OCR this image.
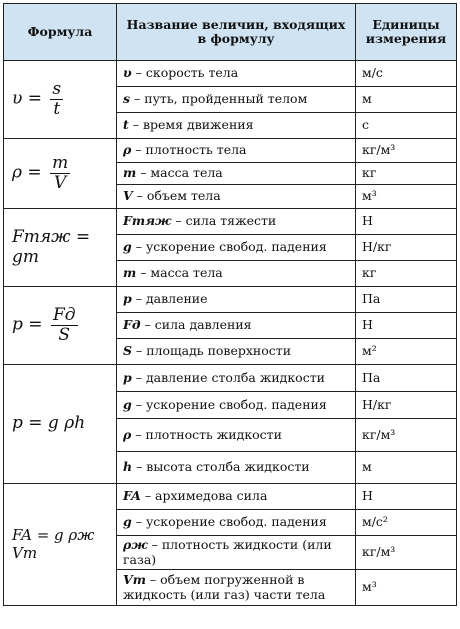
Формула	Название величин, входящих в формулу	Единицы измерения
$\upsilon = \frac{s}{t}$	υ – скорость тела	м/с
	s – путь, пройденный телом	м
	t – время движения	с
$\rho = \frac{m}{V}$	ρ – плотность тела	кг/м³
	m – масса тела	кг
	V – объем тела	м³
Fтяж = gm	Fтяж – сила тяжести	Н
	g – ускорение свобод. падения	Н/кг
	m – масса тела	кг
$p = \frac{Fд}{S}$	p – давление	Па
	Fд – сила давления	Н
	S – площадь поверхности	м²
p = g ρh	p – давление столба жидкости	Па
	g – ускорение свобод. падения	Н/кг
	ρ – плотность жидкости	кг/м³
	h – высота столба жидкости	м
FA = g ρж Vт	FA – архимедова сила	Н
	g – ускорение свобод. падения	м/с²
	ρж – плотность жидкости (или газа)	кг/м³
	Vт – объем погруженной в жидкость (или газ) части тела	м³
